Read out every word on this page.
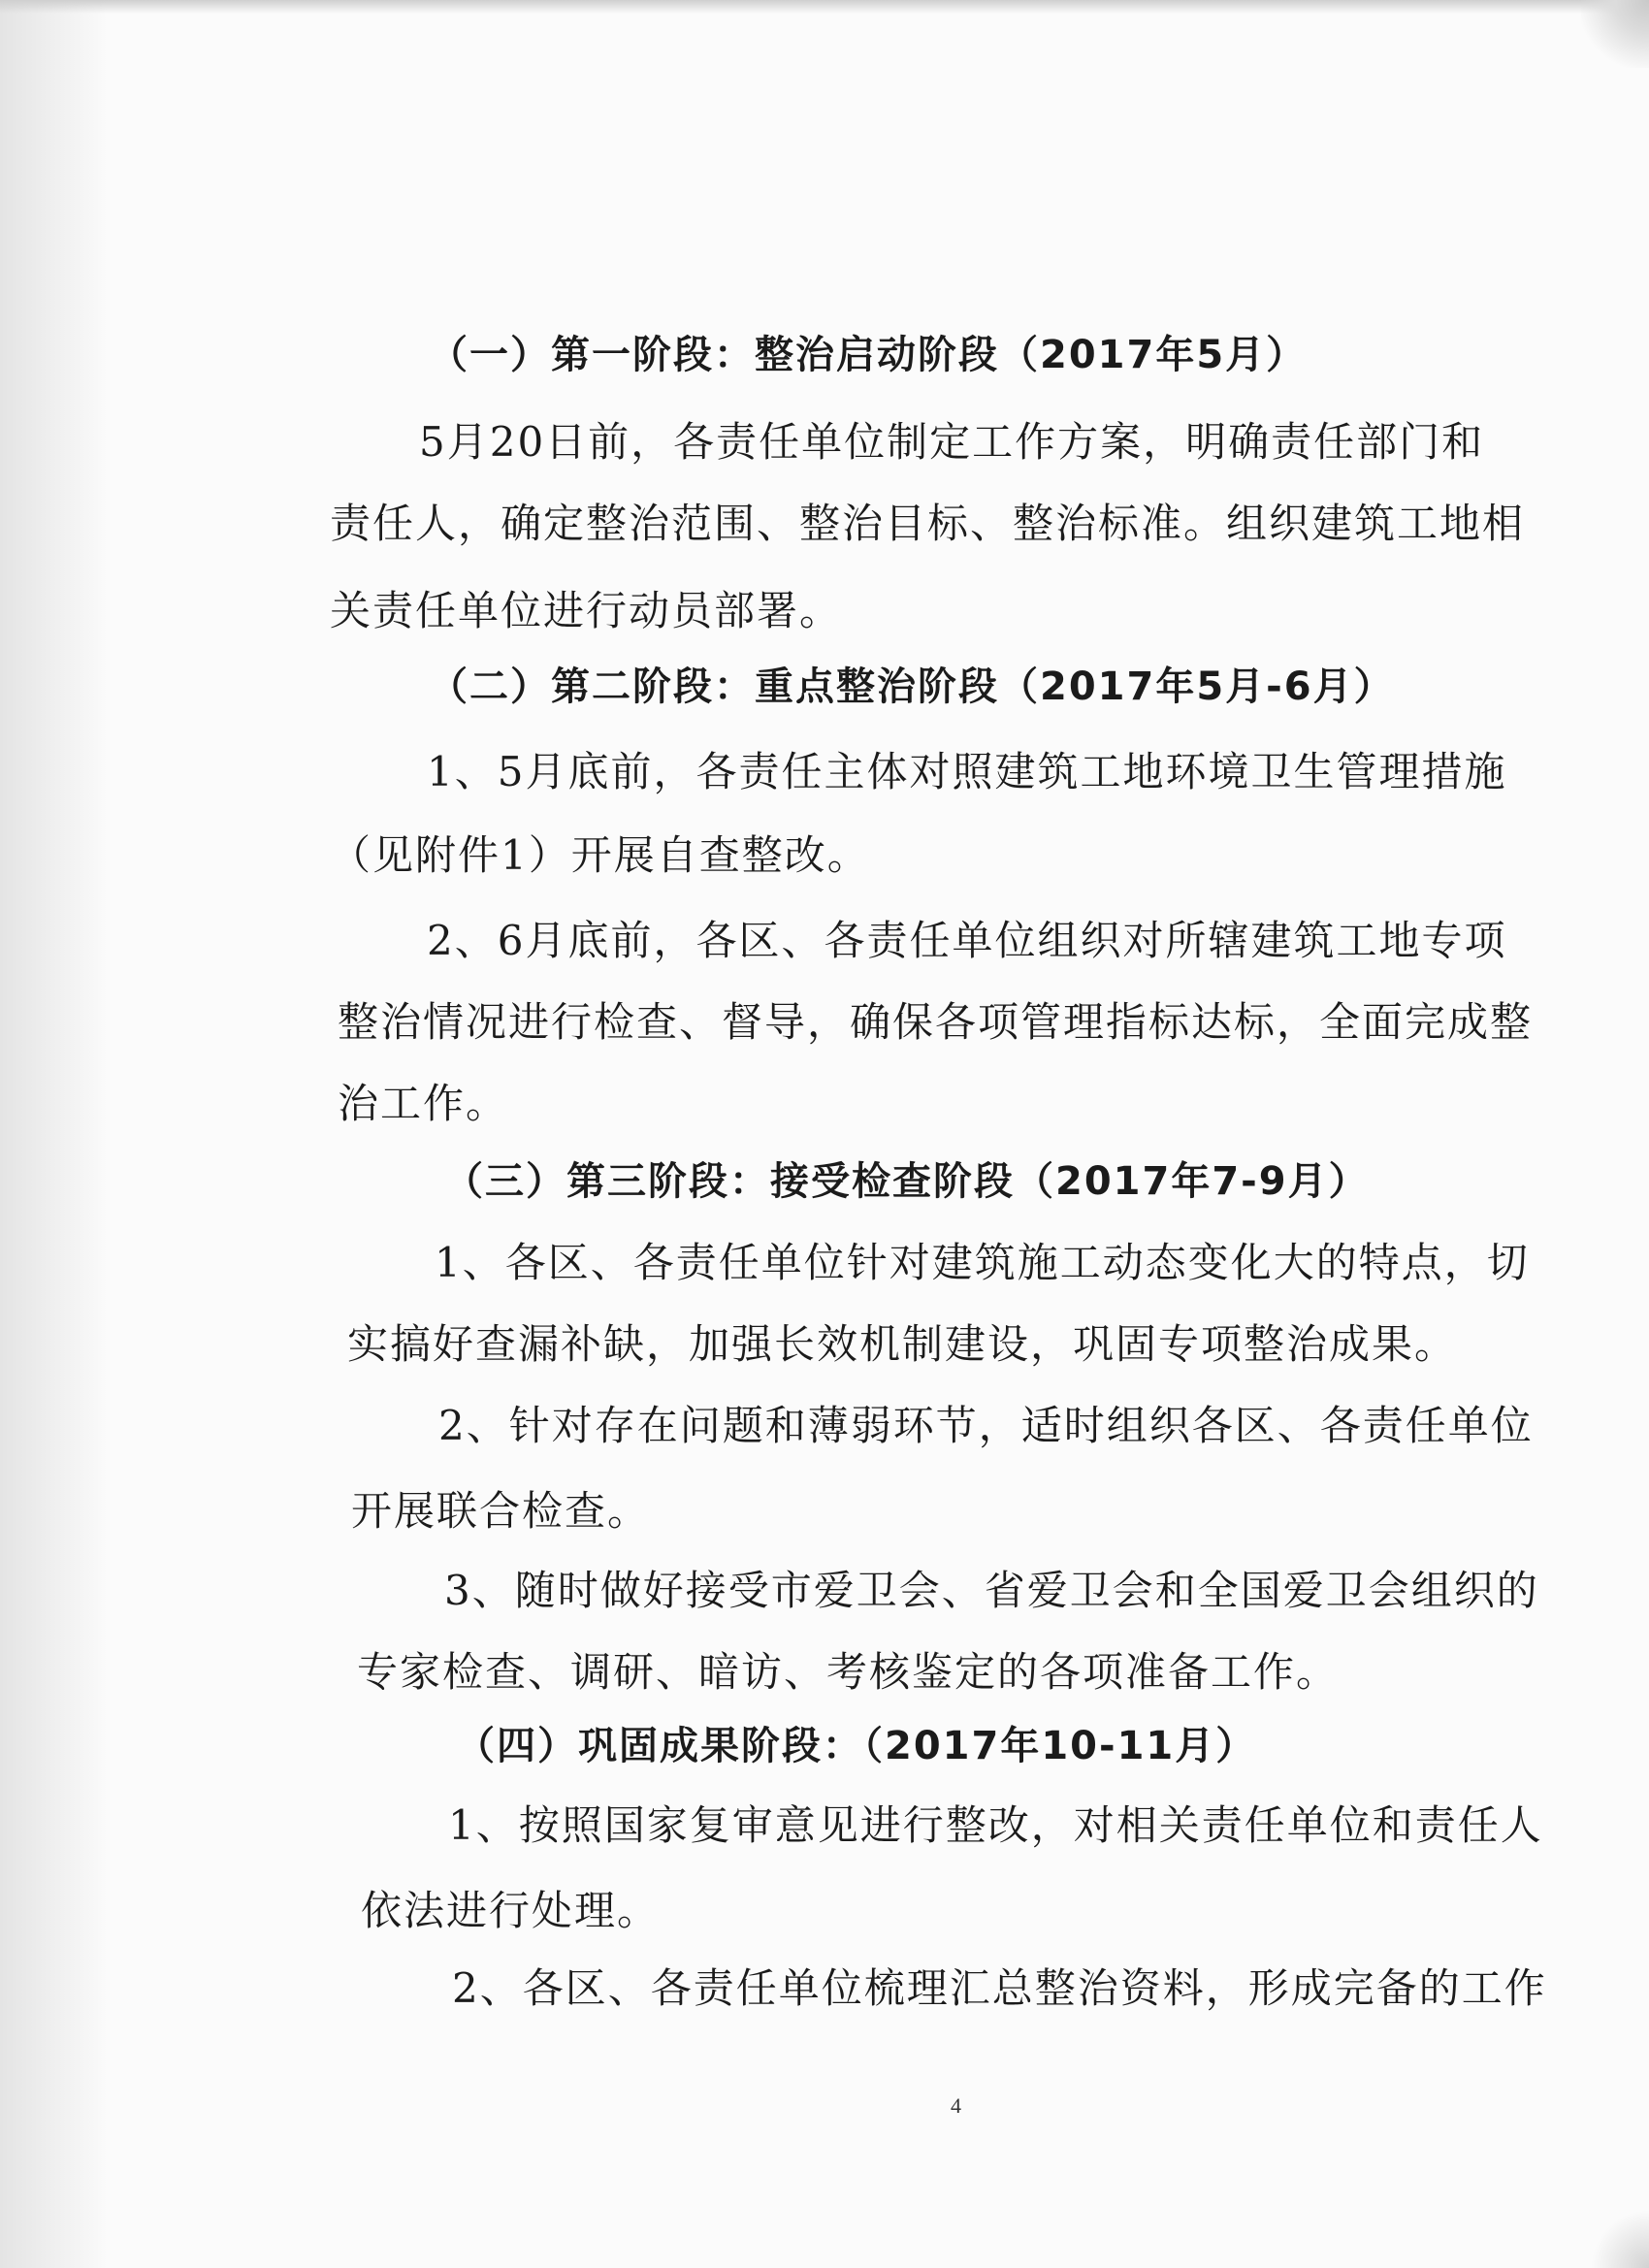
（一）第一阶段：整治启动阶段（2017年5月）
5月20日前，各责任单位制定工作方案，明确责任部门和
责任人，确定整治范围、整治目标、整治标准。组织建筑工地相
关责任单位进行动员部署。
（二）第二阶段：重点整治阶段（2017年5月-6月）
1、5月底前，各责任主体对照建筑工地环境卫生管理措施
（见附件1）开展自查整改。
2、6月底前，各区、各责任单位组织对所辖建筑工地专项
整治情况进行检查、督导，确保各项管理指标达标，全面完成整
治工作。
（三）第三阶段：接受检查阶段（2017年7-9月）
1、各区、各责任单位针对建筑施工动态变化大的特点，切
实搞好查漏补缺，加强长效机制建设，巩固专项整治成果。
2、针对存在问题和薄弱环节，适时组织各区、各责任单位
开展联合检查。
3、随时做好接受市爱卫会、省爱卫会和全国爱卫会组织的
专家检查、调研、暗访、考核鉴定的各项准备工作。
（四）巩固成果阶段：（2017年10-11月）
1、按照国家复审意见进行整改，对相关责任单位和责任人
依法进行处理。
2、各区、各责任单位梳理汇总整治资料，形成完备的工作
4
